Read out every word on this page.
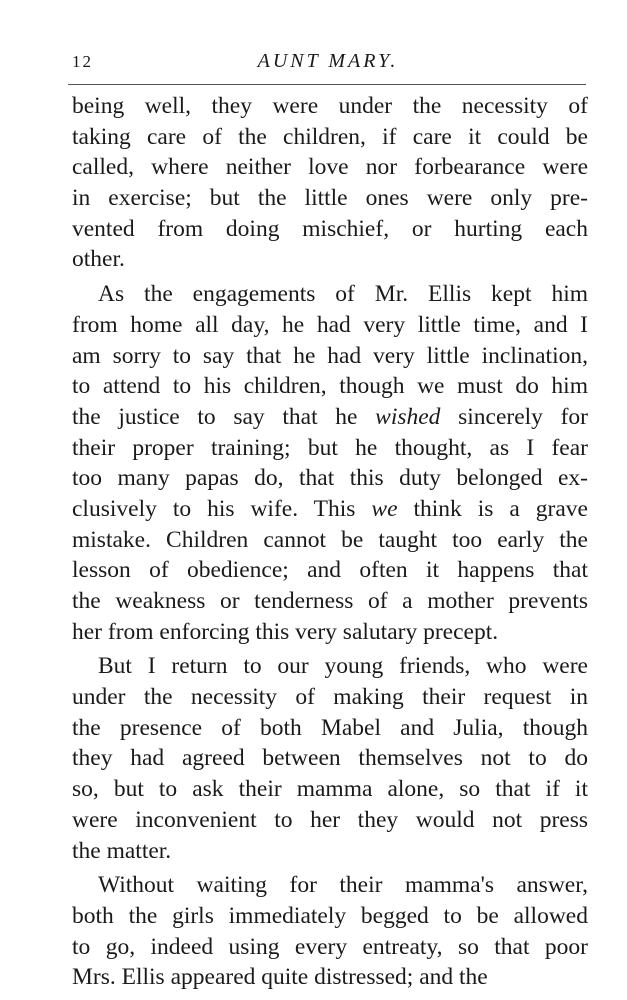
12	AUNT MARY.
being well, they were under the necessity of
taking care of the children, if care it could be
called, where neither love nor forbearance were
in exercise; but the little ones were only pre-
vented from doing mischief, or hurting each
other.
As the engagements of Mr. Ellis kept him
from home all day, he had very little time, and I
am sorry to say that he had very little inclination,
to attend to his children, though we must do him
the justice to say that he wished sincerely for
their proper training; but he thought, as I fear
too many papas do, that this duty belonged ex-
clusively to his wife. This we think is a grave
mistake. Children cannot be taught too early the
lesson of obedience; and often it happens that
the weakness or tenderness of a mother prevents
her from enforcing this very salutary precept.
But I return to our young friends, who were
under the necessity of making their request in
the presence of both Mabel and Julia, though
they had agreed between themselves not to do
so, but to ask their mamma alone, so that if it
were inconvenient to her they would not press
the matter.
Without waiting for their mamma's answer,
both the girls immediately begged to be allowed
to go, indeed using every entreaty, so that poor
Mrs. Ellis appeared quite distressed; and the
